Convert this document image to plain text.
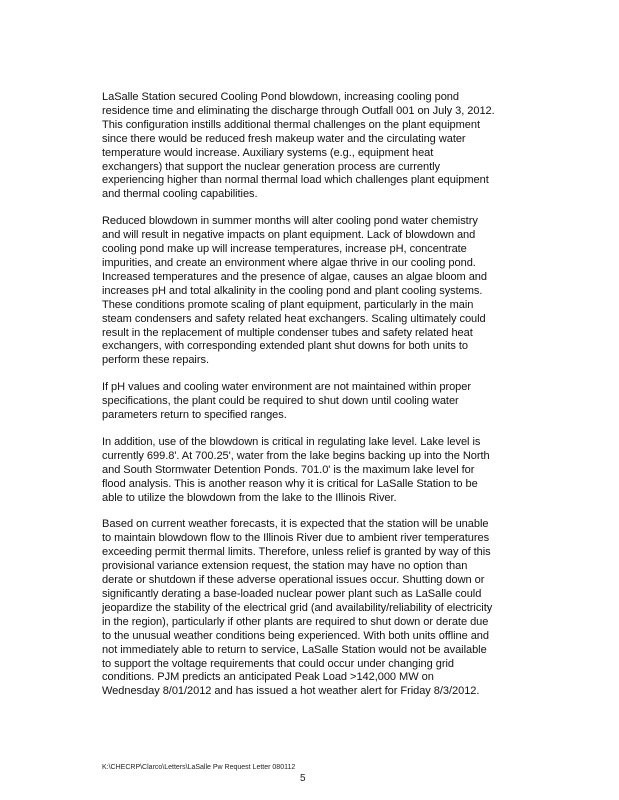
LaSalle Station secured Cooling Pond blowdown, increasing cooling pond
residence time and eliminating the discharge through Outfall 001 on July 3, 2012.
This configuration instills additional thermal challenges on the plant equipment
since there would be reduced fresh makeup water and the circulating water
temperature would increase. Auxiliary systems (e.g., equipment heat
exchangers) that support the nuclear generation process are currently
experiencing higher than normal thermal load which challenges plant equipment
and thermal cooling capabilities.

Reduced blowdown in summer months will alter cooling pond water chemistry
and will result in negative impacts on plant equipment. Lack of blowdown and
cooling pond make up will increase temperatures, increase pH, concentrate
impurities, and create an environment where algae thrive in our cooling pond.
Increased temperatures and the presence of algae, causes an algae bloom and
increases pH and total alkalinity in the cooling pond and plant cooling systems.
These conditions promote scaling of plant equipment, particularly in the main
steam condensers and safety related heat exchangers. Scaling ultimately could
result in the replacement of multiple condenser tubes and safety related heat
exchangers, with corresponding extended plant shut downs for both units to
perform these repairs.

If pH values and cooling water environment are not maintained within proper
specifications, the plant could be required to shut down until cooling water
parameters return to specified ranges.

In addition, use of the blowdown is critical in regulating lake level. Lake level is
currently 699.8'. At 700.25', water from the lake begins backing up into the North
and South Stormwater Detention Ponds. 701.0' is the maximum lake level for
flood analysis. This is another reason why it is critical for LaSalle Station to be
able to utilize the blowdown from the lake to the Illinois River.

Based on current weather forecasts, it is expected that the station will be unable
to maintain blowdown flow to the Illinois River due to ambient river temperatures
exceeding permit thermal limits. Therefore, unless relief is granted by way of this
provisional variance extension request, the station may have no option than
derate or shutdown if these adverse operational issues occur. Shutting down or
significantly derating a base-loaded nuclear power plant such as LaSalle could
jeopardize the stability of the electrical grid (and availability/reliability of electricity
in the region), particularly if other plants are required to shut down or derate due
to the unusual weather conditions being experienced. With both units offline and
not immediately able to return to service, LaSalle Station would not be available
to support the voltage requirements that could occur under changing grid
conditions. PJM predicts an anticipated Peak Load >142,000 MW on
Wednesday 8/01/2012 and has issued a hot weather alert for Friday 8/3/2012.

K:\CHECRP\Clarco\Letters\LaSalle Pw Request Letter 080112
5
